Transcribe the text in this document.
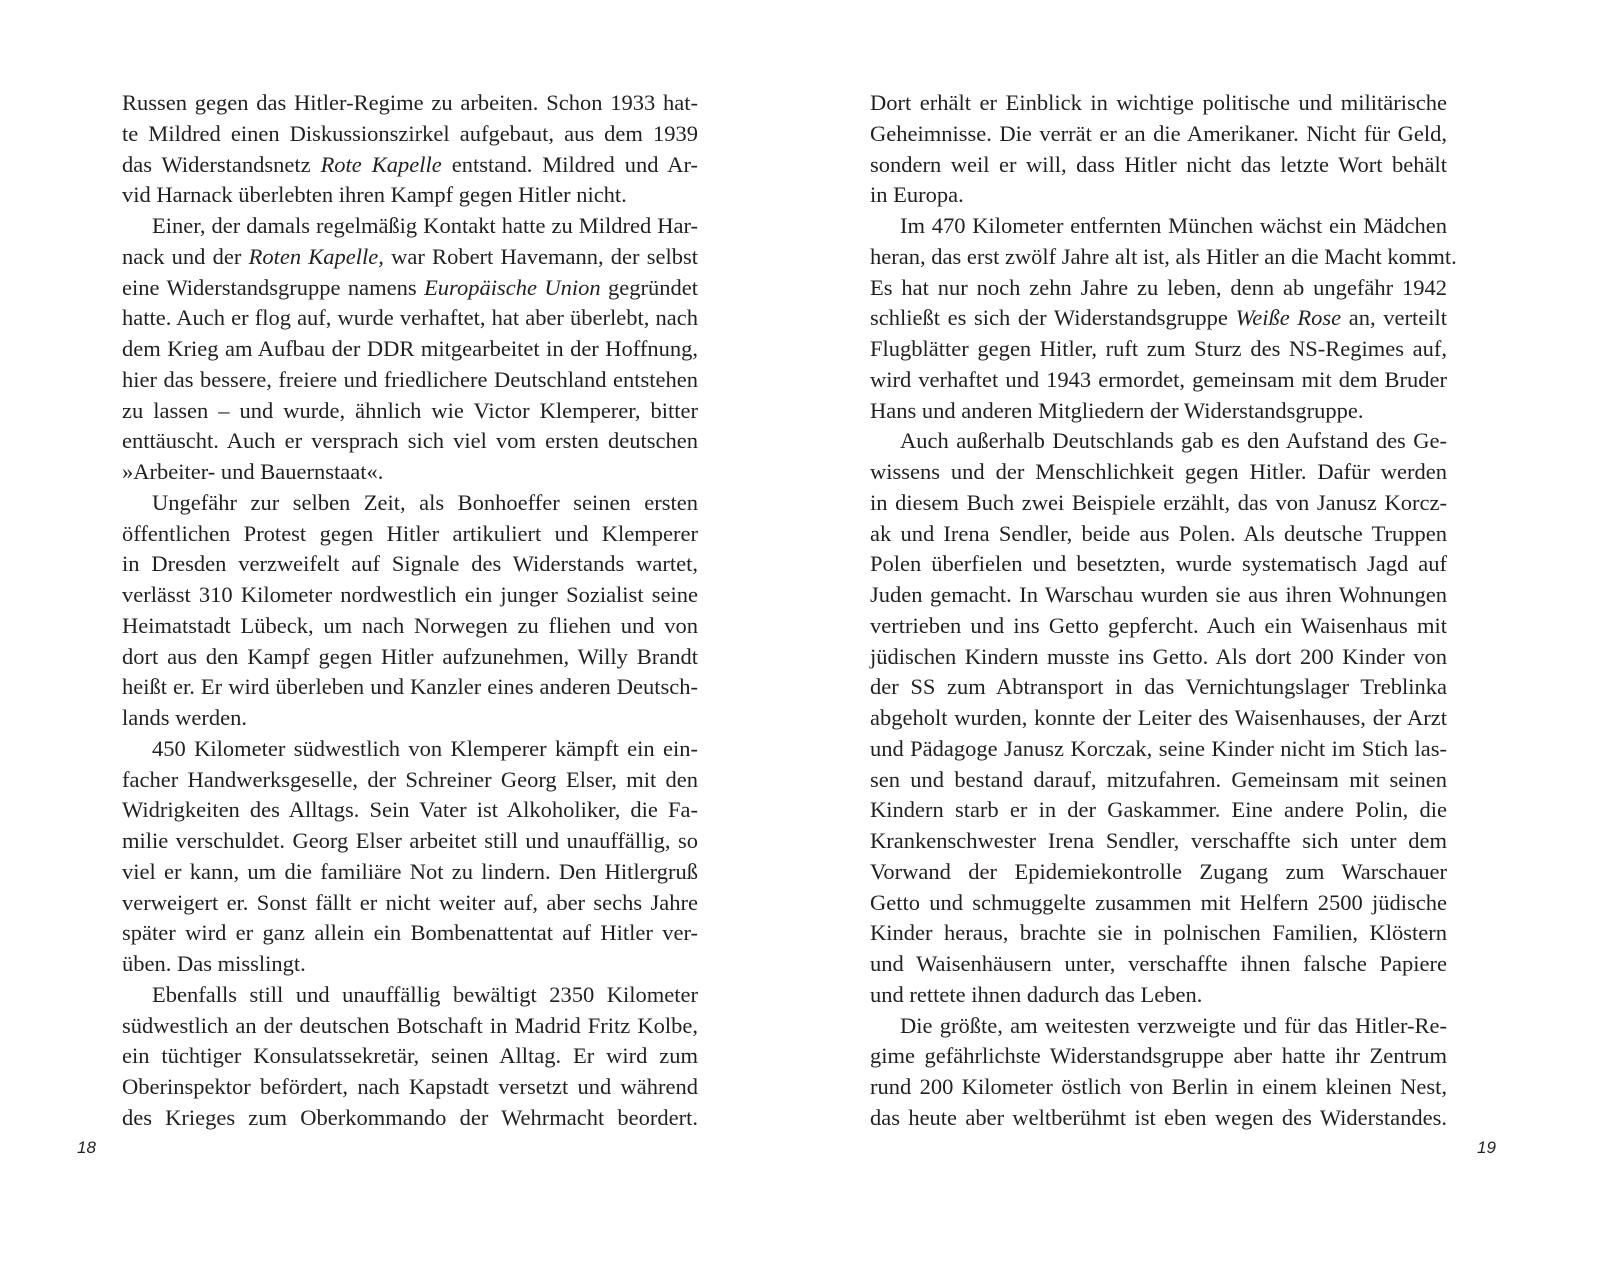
Russen gegen das Hitler-Regime zu arbeiten. Schon 1933 hat-
te Mildred einen Diskussionszirkel aufgebaut, aus dem 1939
das Widerstandsnetz Rote Kapelle entstand. Mildred und Ar-
vid Harnack überlebten ihren Kampf gegen Hitler nicht.
Einer, der damals regelmäßig Kontakt hatte zu Mildred Har-
nack und der Roten Kapelle, war Robert Havemann, der selbst
eine Widerstandsgruppe namens Europäische Union gegründet
hatte. Auch er flog auf, wurde verhaftet, hat aber überlebt, nach
dem Krieg am Aufbau der DDR mitgearbeitet in der Hoffnung,
hier das bessere, freiere und friedlichere Deutschland entstehen
zu lassen – und wurde, ähnlich wie Victor Klemperer, bitter
enttäuscht. Auch er versprach sich viel vom ersten deutschen
»Arbeiter- und Bauernstaat«.
Ungefähr zur selben Zeit, als Bonhoeffer seinen ersten
öffentlichen Protest gegen Hitler artikuliert und Klemperer
in Dresden verzweifelt auf Signale des Widerstands wartet,
verlässt 310 Kilometer nordwestlich ein junger Sozialist seine
Heimatstadt Lübeck, um nach Norwegen zu fliehen und von
dort aus den Kampf gegen Hitler aufzunehmen, Willy Brandt
heißt er. Er wird überleben und Kanzler eines anderen Deutsch-
lands werden.
450 Kilometer südwestlich von Klemperer kämpft ein ein-
facher Handwerksgeselle, der Schreiner Georg Elser, mit den
Widrigkeiten des Alltags. Sein Vater ist Alkoholiker, die Fa-
milie verschuldet. Georg Elser arbeitet still und unauffällig, so
viel er kann, um die familiäre Not zu lindern. Den Hitlergruß
verweigert er. Sonst fällt er nicht weiter auf, aber sechs Jahre
später wird er ganz allein ein Bombenattentat auf Hitler ver-
üben. Das misslingt.
Ebenfalls still und unauffällig bewältigt 2350 Kilometer
südwestlich an der deutschen Botschaft in Madrid Fritz Kolbe,
ein tüchtiger Konsulatssekretär, seinen Alltag. Er wird zum
Oberinspektor befördert, nach Kapstadt versetzt und während
des Krieges zum Oberkommando der Wehrmacht beordert.
Dort erhält er Einblick in wichtige politische und militärische
Geheimnisse. Die verrät er an die Amerikaner. Nicht für Geld,
sondern weil er will, dass Hitler nicht das letzte Wort behält
in Europa.
Im 470 Kilometer entfernten München wächst ein Mädchen
heran, das erst zwölf Jahre alt ist, als Hitler an die Macht kommt.
Es hat nur noch zehn Jahre zu leben, denn ab ungefähr 1942
schließt es sich der Widerstandsgruppe Weiße Rose an, verteilt
Flugblätter gegen Hitler, ruft zum Sturz des NS-Regimes auf,
wird verhaftet und 1943 ermordet, gemeinsam mit dem Bruder
Hans und anderen Mitgliedern der Widerstandsgruppe.
Auch außerhalb Deutschlands gab es den Aufstand des Ge-
wissens und der Menschlichkeit gegen Hitler. Dafür werden
in diesem Buch zwei Beispiele erzählt, das von Janusz Korcz-
ak und Irena Sendler, beide aus Polen. Als deutsche Truppen
Polen überfielen und besetzten, wurde systematisch Jagd auf
Juden gemacht. In Warschau wurden sie aus ihren Wohnungen
vertrieben und ins Getto gepfercht. Auch ein Waisenhaus mit
jüdischen Kindern musste ins Getto. Als dort 200 Kinder von
der SS zum Abtransport in das Vernichtungslager Treblinka
abgeholt wurden, konnte der Leiter des Waisenhauses, der Arzt
und Pädagoge Janusz Korczak, seine Kinder nicht im Stich las-
sen und bestand darauf, mitzufahren. Gemeinsam mit seinen
Kindern starb er in der Gaskammer. Eine andere Polin, die
Krankenschwester Irena Sendler, verschaffte sich unter dem
Vorwand der Epidemiekontrolle Zugang zum Warschauer
Getto und schmuggelte zusammen mit Helfern 2500 jüdische
Kinder heraus, brachte sie in polnischen Familien, Klöstern
und Waisenhäusern unter, verschaffte ihnen falsche Papiere
und rettete ihnen dadurch das Leben.
Die größte, am weitesten verzweigte und für das Hitler-Re-
gime gefährlichste Widerstandsgruppe aber hatte ihr Zentrum
rund 200 Kilometer östlich von Berlin in einem kleinen Nest,
das heute aber weltberühmt ist eben wegen des Widerstandes.
18	19
